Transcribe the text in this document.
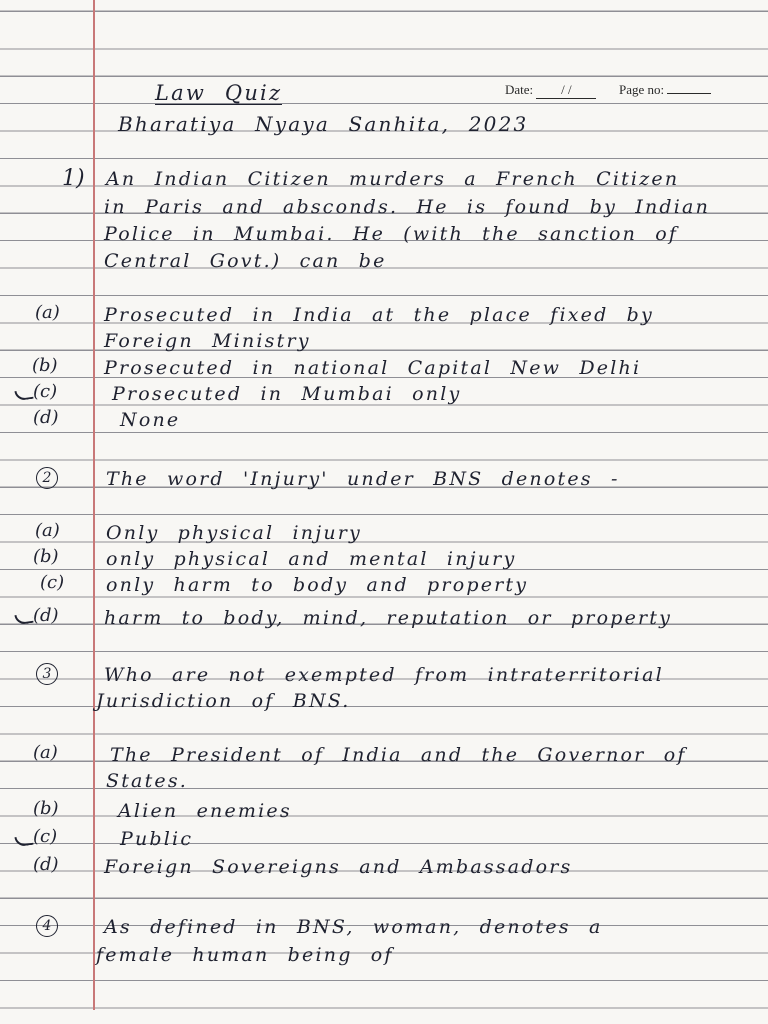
Law Quiz	Date: / /	Page no:
Bharatiya Nyaya Sanhita, 2023
1) An Indian Citizen murders a French Citizen
in Paris and absconds. He is found by Indian
Police in Mumbai. He (with the sanction of
Central Govt.) can be
(a) Prosecuted in India at the place fixed by
Foreign Ministry
(b) Prosecuted in national Capital New Delhi
(c)	Prosecuted in Mumbai only
(d)	None
2	The word 'Injury' under BNS denotes -
(a) Only physical injury
(b) only physical and mental injury
(c) only harm to body and property
(d) harm to body, mind, reputation or property
3	Who are not exempted from intraterritorial
Jurisdiction of BNS.
(a)	The President of India and the Governor of
States.
(b)	Alien enemies
(c)	Public
(d) Foreign Sovereigns and Ambassadors
4	As defined in BNS, woman, denotes a
female human being of
